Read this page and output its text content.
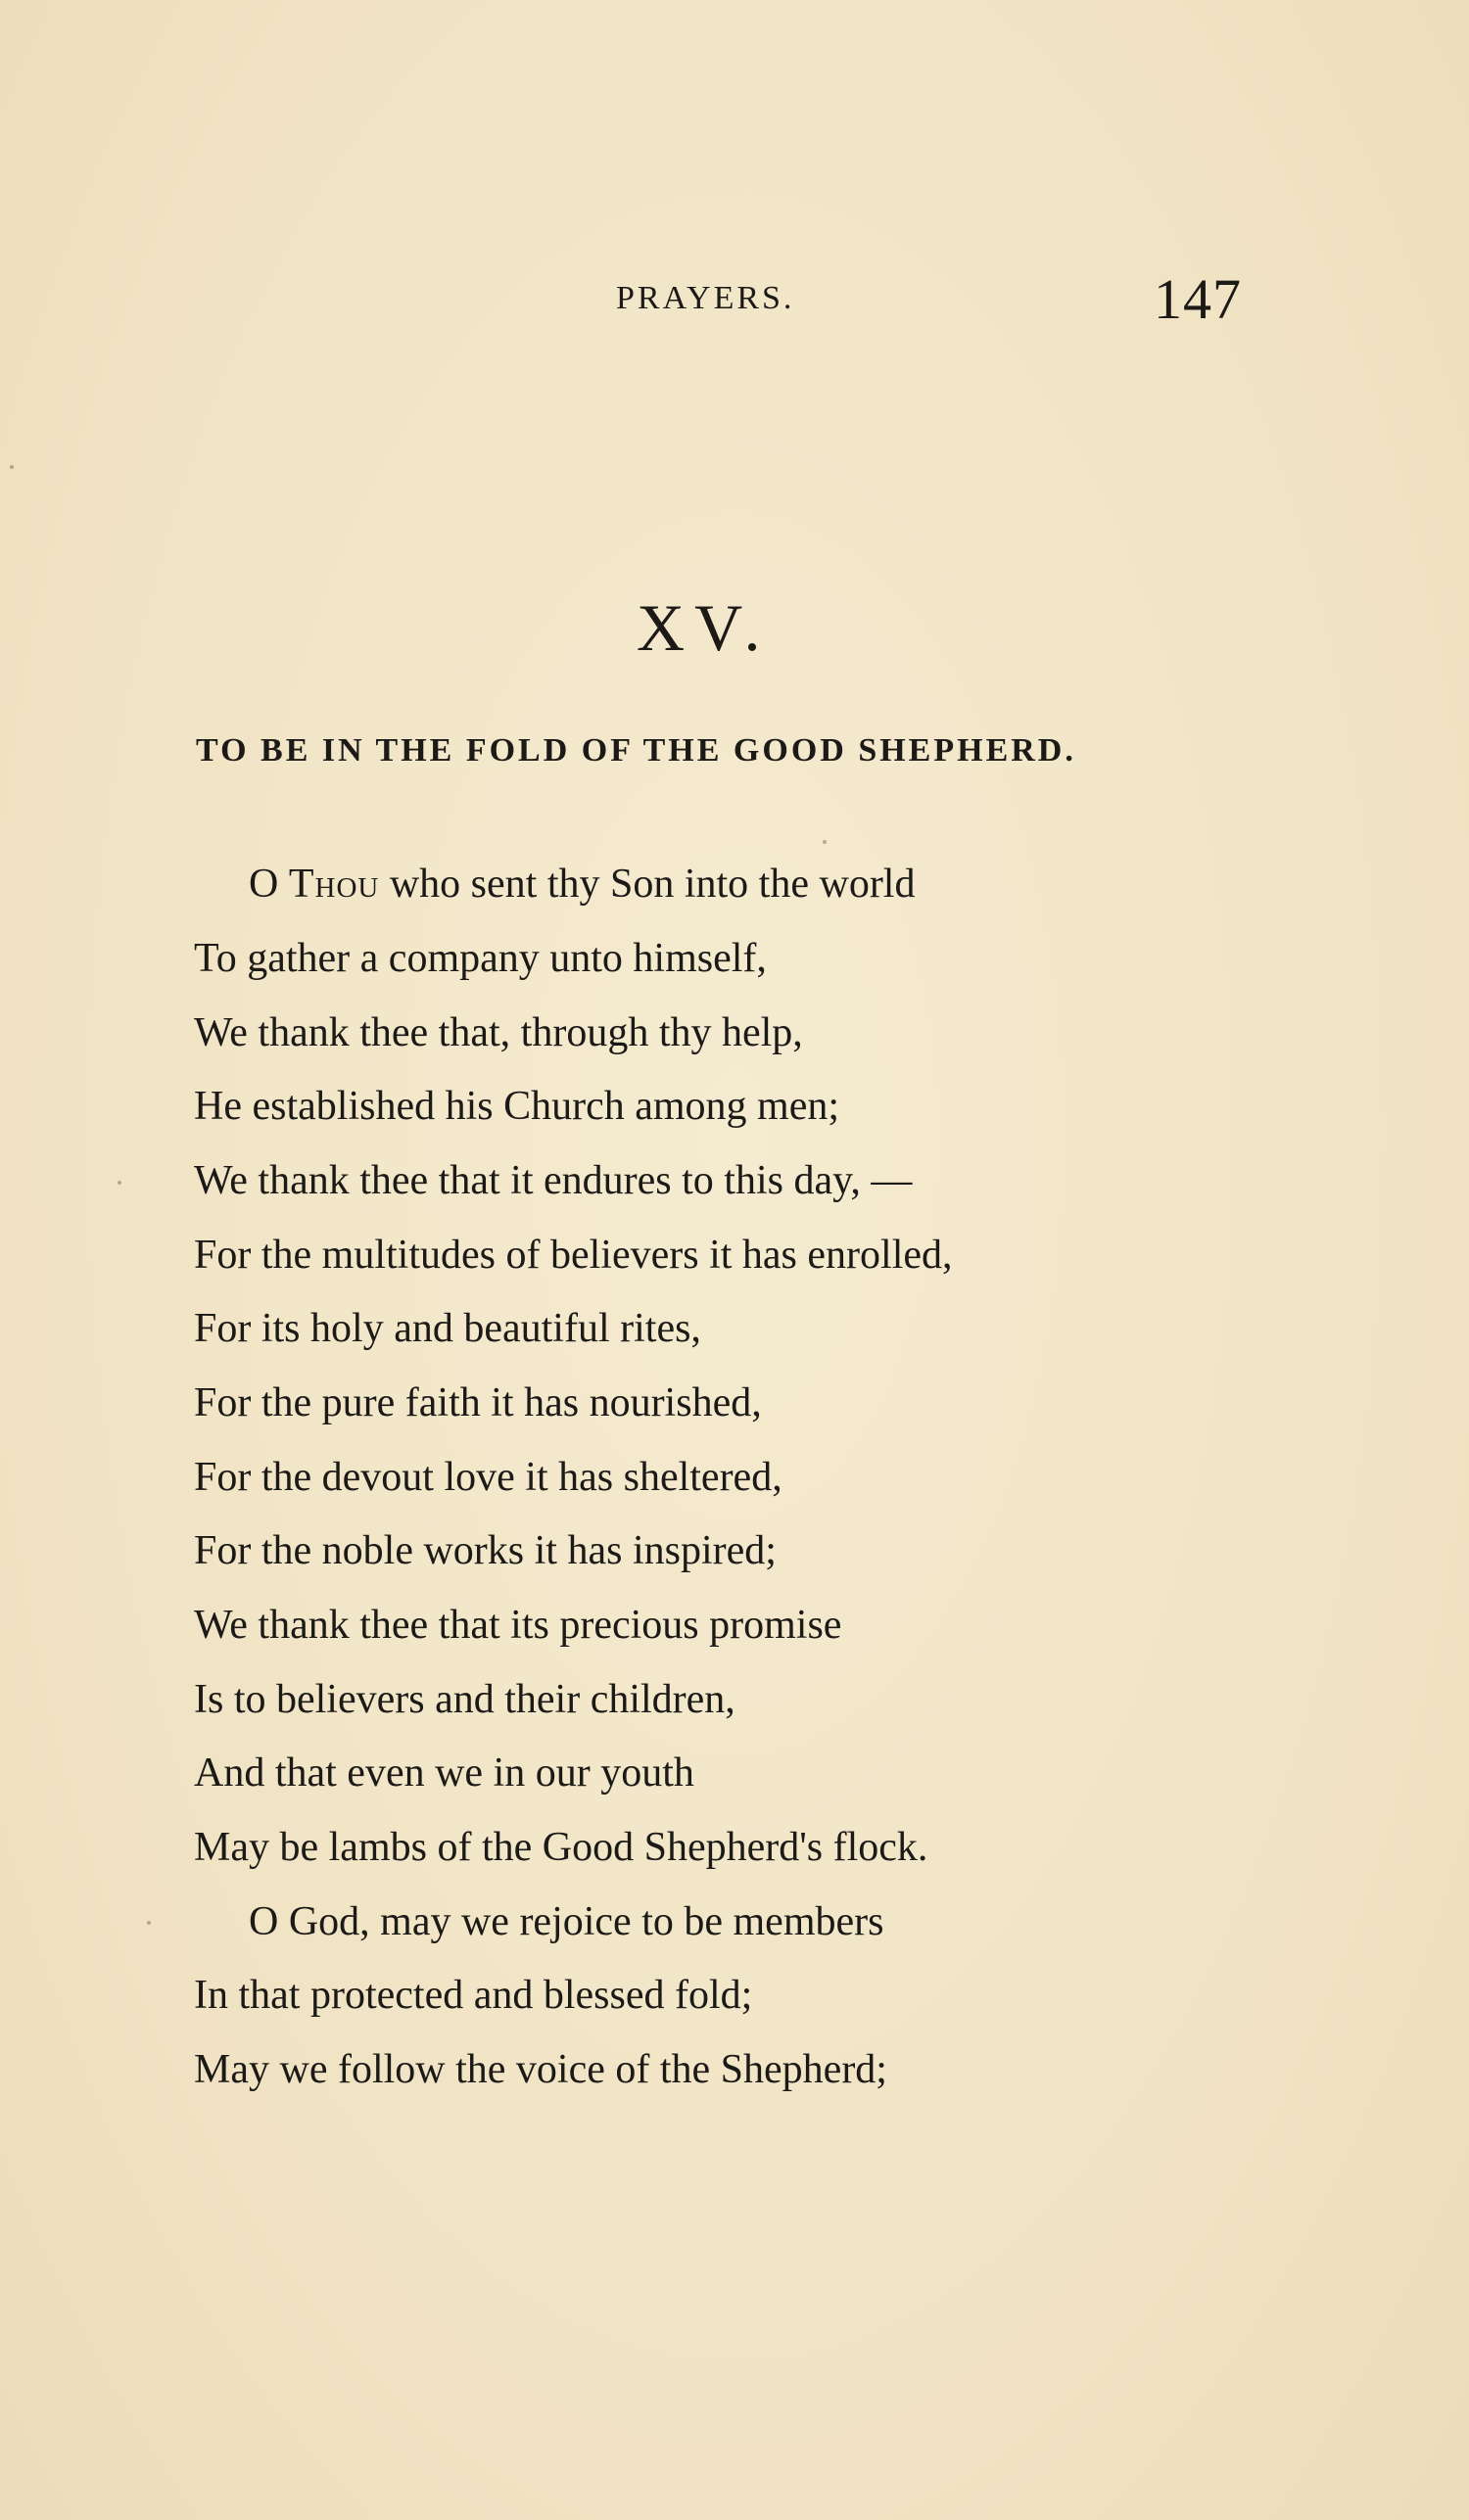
PRAYERS.	147
XV.
TO BE IN THE FOLD OF THE GOOD SHEPHERD.
O Thou who sent thy Son into the world
To gather a company unto himself,
We thank thee that, through thy help,
He established his Church among men;
We thank thee that it endures to this day, —
For the multitudes of believers it has enrolled,
For its holy and beautiful rites,
For the pure faith it has nourished,
For the devout love it has sheltered,
For the noble works it has inspired;
We thank thee that its precious promise
Is to believers and their children,
And that even we in our youth
May be lambs of the Good Shepherd's flock.
O God, may we rejoice to be members
In that protected and blessed fold;
May we follow the voice of the Shepherd;
